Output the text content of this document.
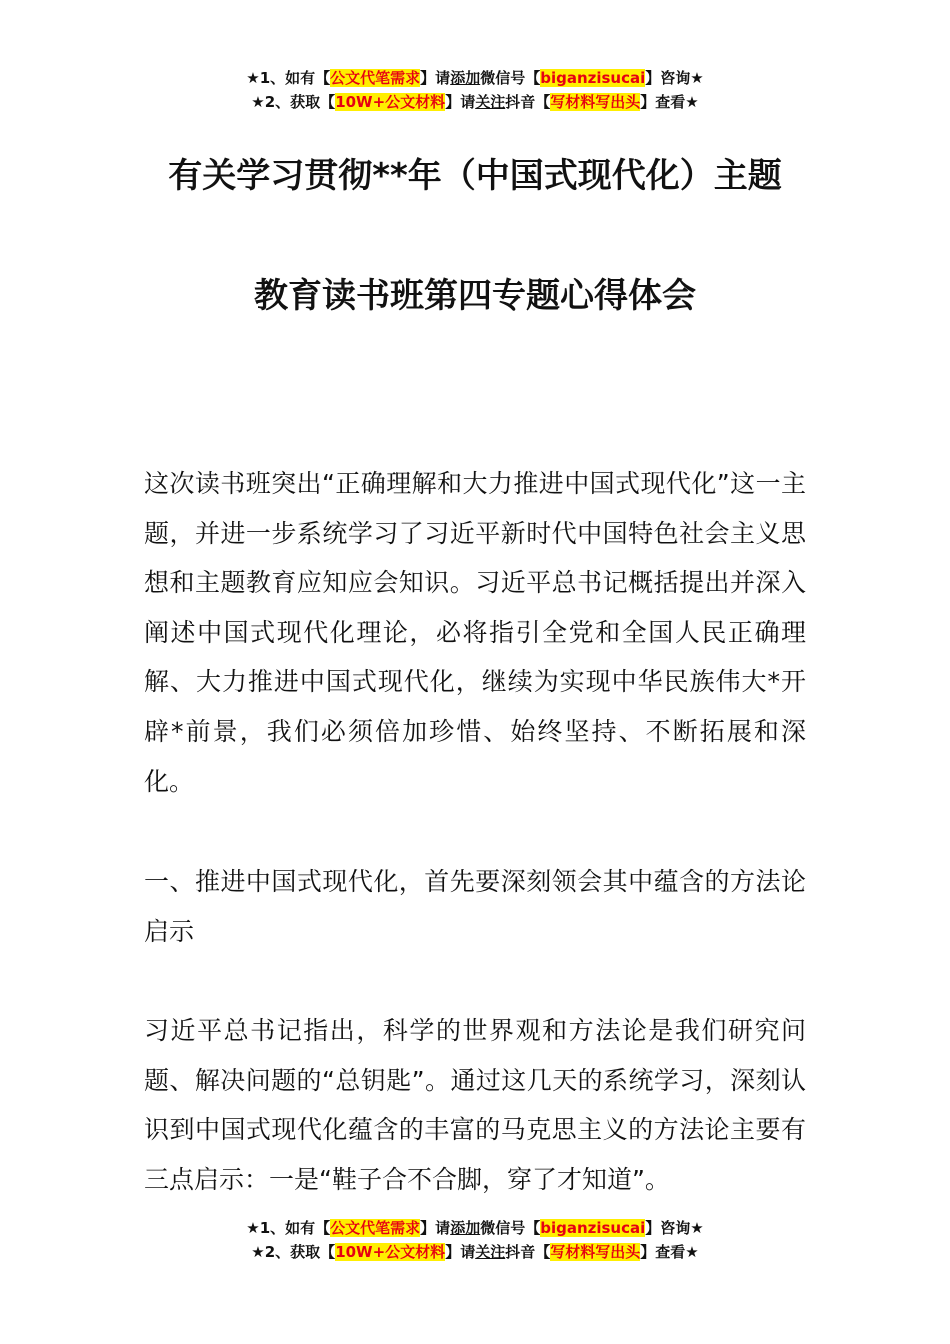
★1、如有【公文代笔需求】请添加微信号【biganzisucai】咨询★
★2、获取【10W+公文材料】请关注抖音【写材料写出头】查看★
有关学习贯彻**年（中国式现代化）主题
教育读书班第四专题心得体会
这次读书班突出“正确理解和大力推进中国式现代化”这一主题，并进一步系统学习了习近平新时代中国特色社会主义思想和主题教育应知应会知识。习近平总书记概括提出并深入阐述中国式现代化理论，必将指引全党和全国人民正确理解、大力推进中国式现代化，继续为实现中华民族伟大*开辟*前景，我们必须倍加珍惜、始终坚持、不断拓展和深化。
一、推进中国式现代化，首先要深刻领会其中蕴含的方法论启示
习近平总书记指出，科学的世界观和方法论是我们研究问题、解决问题的“总钥匙”。通过这几天的系统学习，深刻认识到中国式现代化蕴含的丰富的马克思主义的方法论主要有三点启示：一是“鞋子合不合脚，穿了才知道”。
★1、如有【公文代笔需求】请添加微信号【biganzisucai】咨询★
★2、获取【10W+公文材料】请关注抖音【写材料写出头】查看★
